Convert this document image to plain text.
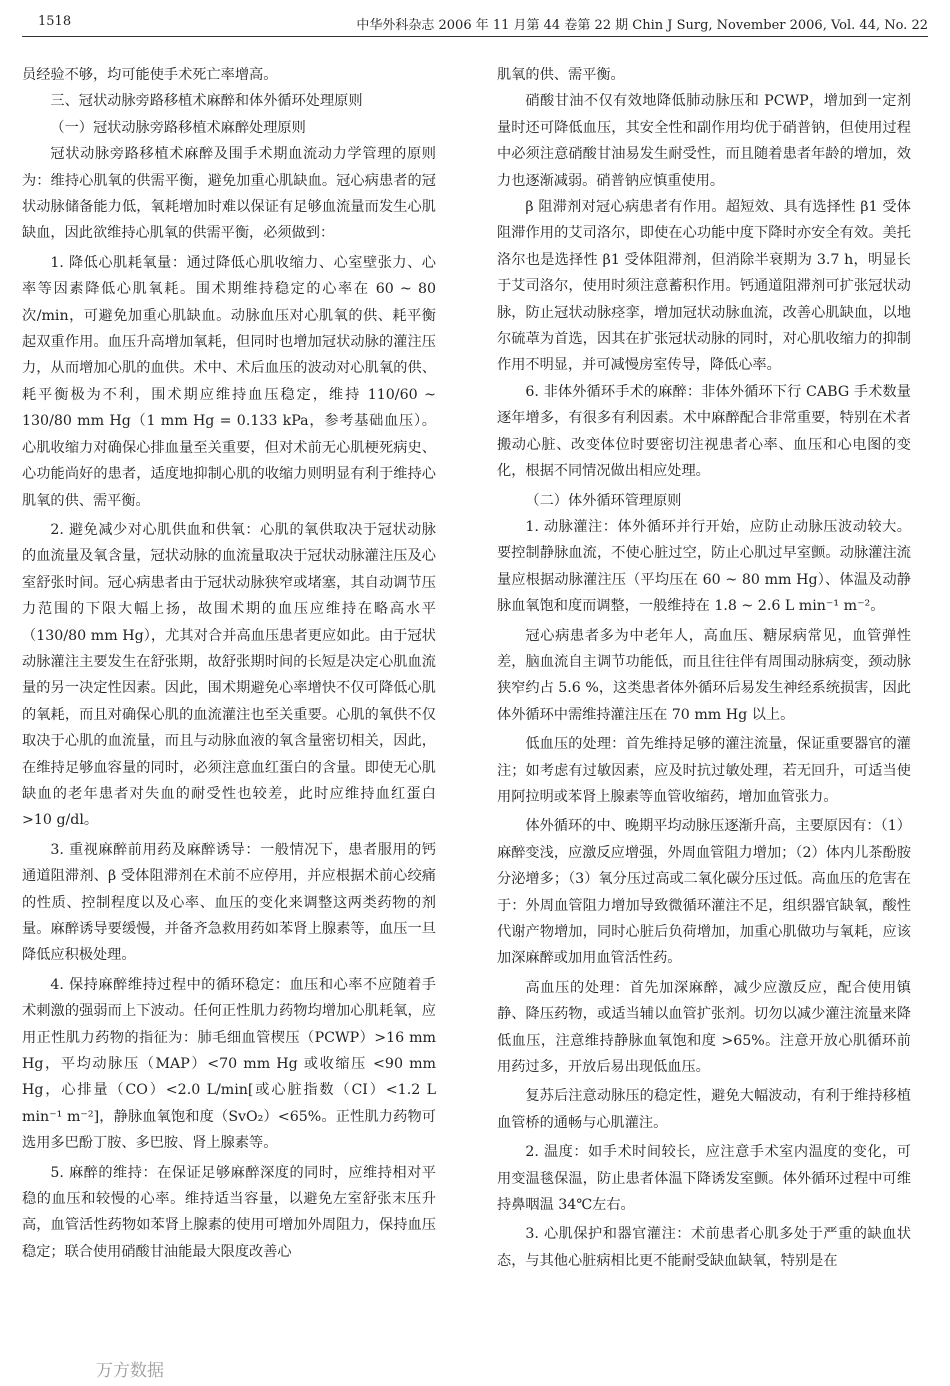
1518	中华外科杂志 2006 年 11 月第 44 卷第 22 期 Chin J Surg, November 2006, Vol. 44, No. 22

员经验不够，均可能使手术死亡率增高。

三、冠状动脉旁路移植术麻醉和体外循环处理原则

（一）冠状动脉旁路移植术麻醉处理原则

冠状动脉旁路移植术麻醉及围手术期血流动力学管理的原则为：维持心肌氧的供需平衡，避免加重心肌缺血。冠心病患者的冠状动脉储备能力低，氧耗增加时难以保证有足够血流量而发生心肌缺血，因此欲维持心肌氧的供需平衡，必须做到：

1. 降低心肌耗氧量：通过降低心肌收缩力、心室壁张力、心率等因素降低心肌氧耗。围术期维持稳定的心率在 60 ~ 80 次/min，可避免加重心肌缺血。动脉血压对心肌氧的供、耗平衡起双重作用。血压升高增加氧耗，但同时也增加冠状动脉的灌注压力，从而增加心肌的血供。术中、术后血压的波动对心肌氧的供、耗平衡极为不利，围术期应维持血压稳定，维持 110/60 ~ 130/80 mm Hg（1 mm Hg = 0.133 kPa，参考基础血压）。心肌收缩力对确保心排血量至关重要，但对术前无心肌梗死病史、心功能尚好的患者，适度地抑制心肌的收缩力则明显有利于维持心肌氧的供、需平衡。

2. 避免减少对心肌供血和供氧：心肌的氧供取决于冠状动脉的血流量及氧含量，冠状动脉的血流量取决于冠状动脉灌注压及心室舒张时间。冠心病患者由于冠状动脉狭窄或堵塞，其自动调节压力范围的下限大幅上扬，故围术期的血压应维持在略高水平（130/80 mm Hg），尤其对合并高血压患者更应如此。由于冠状动脉灌注主要发生在舒张期，故舒张期时间的长短是决定心肌血流量的另一决定性因素。因此，围术期避免心率增快不仅可降低心肌的氧耗，而且对确保心肌的血流灌注也至关重要。心肌的氧供不仅取决于心肌的血流量，而且与动脉血液的氧含量密切相关，因此，在维持足够血容量的同时，必须注意血红蛋白的含量。即使无心肌缺血的老年患者对失血的耐受性也较差，此时应维持血红蛋白 >10 g/dl。

3. 重视麻醉前用药及麻醉诱导：一般情况下，患者服用的钙通道阻滞剂、β 受体阻滞剂在术前不应停用，并应根据术前心绞痛的性质、控制程度以及心率、血压的变化来调整这两类药物的剂量。麻醉诱导要缓慢，并备齐急救用药如苯肾上腺素等，血压一旦降低应积极处理。

4. 保持麻醉维持过程中的循环稳定：血压和心率不应随着手术刺激的强弱而上下波动。任何正性肌力药物均增加心肌耗氧，应用正性肌力药物的指征为：肺毛细血管楔压（PCWP）>16 mm Hg，平均动脉压（MAP）<70 mm Hg 或收缩压 <90 mm Hg，心排量（CO）<2.0 L/min[或心脏指数（CI）<1.2 L min⁻¹ m⁻²]，静脉血氧饱和度（SvO₂）<65%。正性肌力药物可选用多巴酚丁胺、多巴胺、肾上腺素等。

5. 麻醉的维持：在保证足够麻醉深度的同时，应维持相对平稳的血压和较慢的心率。维持适当容量，以避免左室舒张末压升高，血管活性药物如苯肾上腺素的使用可增加外周阻力，保持血压稳定；联合使用硝酸甘油能最大限度改善心

肌氧的供、需平衡。

硝酸甘油不仅有效地降低肺动脉压和 PCWP，增加到一定剂量时还可降低血压，其安全性和副作用均优于硝普钠，但使用过程中必须注意硝酸甘油易发生耐受性，而且随着患者年龄的增加，效力也逐渐减弱。硝普钠应慎重使用。

β 阻滞剂对冠心病患者有作用。超短效、具有选择性 β1 受体阻滞作用的艾司洛尔，即使在心功能中度下降时亦安全有效。美托洛尔也是选择性 β1 受体阻滞剂，但消除半衰期为 3.7 h，明显长于艾司洛尔，使用时须注意蓄积作用。钙通道阻滞剂可扩张冠状动脉，防止冠状动脉痉挛，增加冠状动脉血流，改善心肌缺血，以地尔硫䓬为首选，因其在扩张冠状动脉的同时，对心肌收缩力的抑制作用不明显，并可减慢房室传导，降低心率。

6. 非体外循环手术的麻醉：非体外循环下行 CABG 手术数量逐年增多，有很多有利因素。术中麻醉配合非常重要，特别在术者搬动心脏、改变体位时要密切注视患者心率、血压和心电图的变化，根据不同情况做出相应处理。

（二）体外循环管理原则

1. 动脉灌注：体外循环并行开始，应防止动脉压波动较大。要控制静脉血流，不使心脏过空，防止心肌过早室颤。动脉灌注流量应根据动脉灌注压（平均压在 60 ~ 80 mm Hg）、体温及动静脉血氧饱和度而调整，一般维持在 1.8 ~ 2.6 L min⁻¹ m⁻²。

冠心病患者多为中老年人，高血压、糖尿病常见，血管弹性差，脑血流自主调节功能低，而且往往伴有周围动脉病变，颈动脉狭窄约占 5.6 %，这类患者体外循环后易发生神经系统损害，因此体外循环中需维持灌注压在 70 mm Hg 以上。

低血压的处理：首先维持足够的灌注流量，保证重要器官的灌注；如考虑有过敏因素，应及时抗过敏处理，若无回升，可适当使用阿拉明或苯肾上腺素等血管收缩药，增加血管张力。

体外循环的中、晚期平均动脉压逐渐升高，主要原因有：（1）麻醉变浅，应激反应增强，外周血管阻力增加；（2）体内儿茶酚胺分泌增多；（3）氧分压过高或二氧化碳分压过低。高血压的危害在于：外周血管阻力增加导致微循环灌注不足，组织器官缺氧，酸性代谢产物增加，同时心脏后负荷增加，加重心肌做功与氧耗，应该加深麻醉或加用血管活性药。

高血压的处理：首先加深麻醉，减少应激反应，配合使用镇静、降压药物，或适当辅以血管扩张剂。切勿以减少灌注流量来降低血压，注意维持静脉血氧饱和度 >65%。注意开放心肌循环前用药过多，开放后易出现低血压。

复苏后注意动脉压的稳定性，避免大幅波动，有利于维持移植血管桥的通畅与心肌灌注。

2. 温度：如手术时间较长，应注意手术室内温度的变化，可用变温毯保温，防止患者体温下降诱发室颤。体外循环过程中可维持鼻咽温 34℃左右。

3. 心肌保护和器官灌注：术前患者心肌多处于严重的缺血状态，与其他心脏病相比更不能耐受缺血缺氧，特别是在

万方数据
